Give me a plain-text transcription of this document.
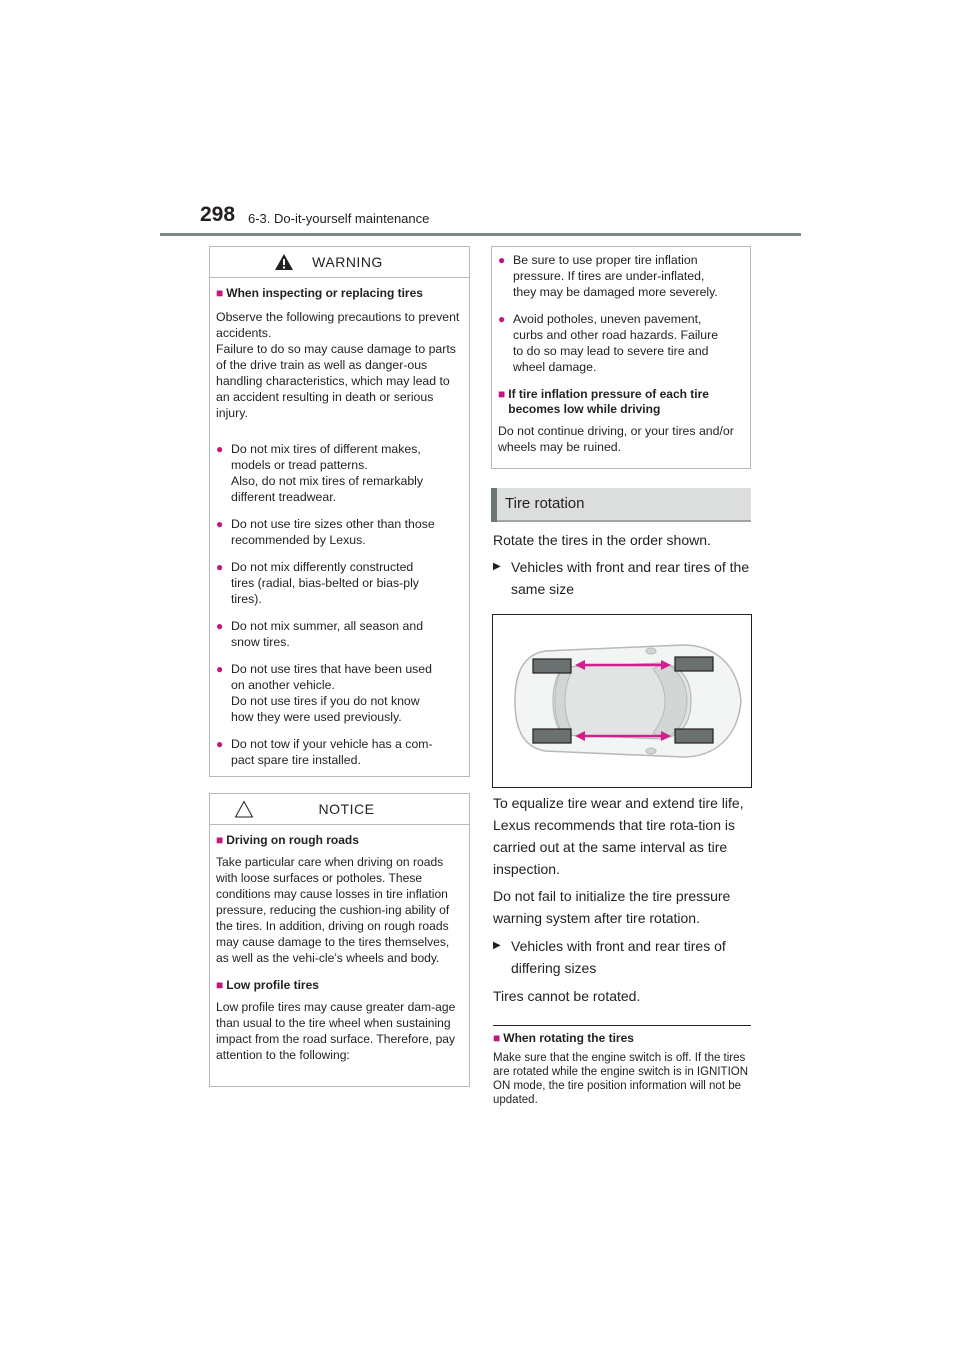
298 6-3. Do-it-yourself maintenance
WARNING
■ When inspecting or replacing tires
Observe the following precautions to prevent accidents.
Failure to do so may cause damage to parts of the drive train as well as danger-ous handling characteristics, which may lead to an accident resulting in death or serious injury.
● Do not mix tires of different makes,
models or tread patterns.
Also, do not mix tires of remarkably
different treadwear.
● Do not use tire sizes other than those
recommended by Lexus.
● Do not mix differently constructed
tires (radial, bias-belted or bias-ply
tires).
● Do not mix summer, all season and
snow tires.
● Do not use tires that have been used
on another vehicle.
Do not use tires if you do not know
how they were used previously.
● Do not tow if your vehicle has a com-
pact spare tire installed.
NOTICE
■ Driving on rough roads
Take particular care when driving on roads with loose surfaces or potholes. These conditions may cause losses in tire inflation pressure, reducing the cushion-ing ability of the tires. In addition, driving on rough roads may cause damage to the tires themselves, as well as the vehi-cle’s wheels and body.
■ Low profile tires
Low profile tires may cause greater dam-age than usual to the tire wheel when sustaining impact from the road surface. Therefore, pay attention to the following:
● Be sure to use proper tire inflation
pressure. If tires are under-inflated,
they may be damaged more severely.
● Avoid potholes, uneven pavement,
curbs and other road hazards. Failure
to do so may lead to severe tire and
wheel damage.
■ If tire inflation pressure of each tire becomes low while driving
Do not continue driving, or your tires and/or wheels may be ruined.
Tire rotation
Rotate the tires in the order shown.
▶ Vehicles with front and rear tires of the same size
To equalize tire wear and extend tire life, Lexus recommends that tire rota-tion is carried out at the same interval as tire inspection.
Do not fail to initialize the tire pressure warning system after tire rotation.
▶ Vehicles with front and rear tires of differing sizes
Tires cannot be rotated.
■ When rotating the tires
Make sure that the engine switch is off. If the tires are rotated while the engine switch is in IGNITION ON mode, the tire position information will not be updated.
